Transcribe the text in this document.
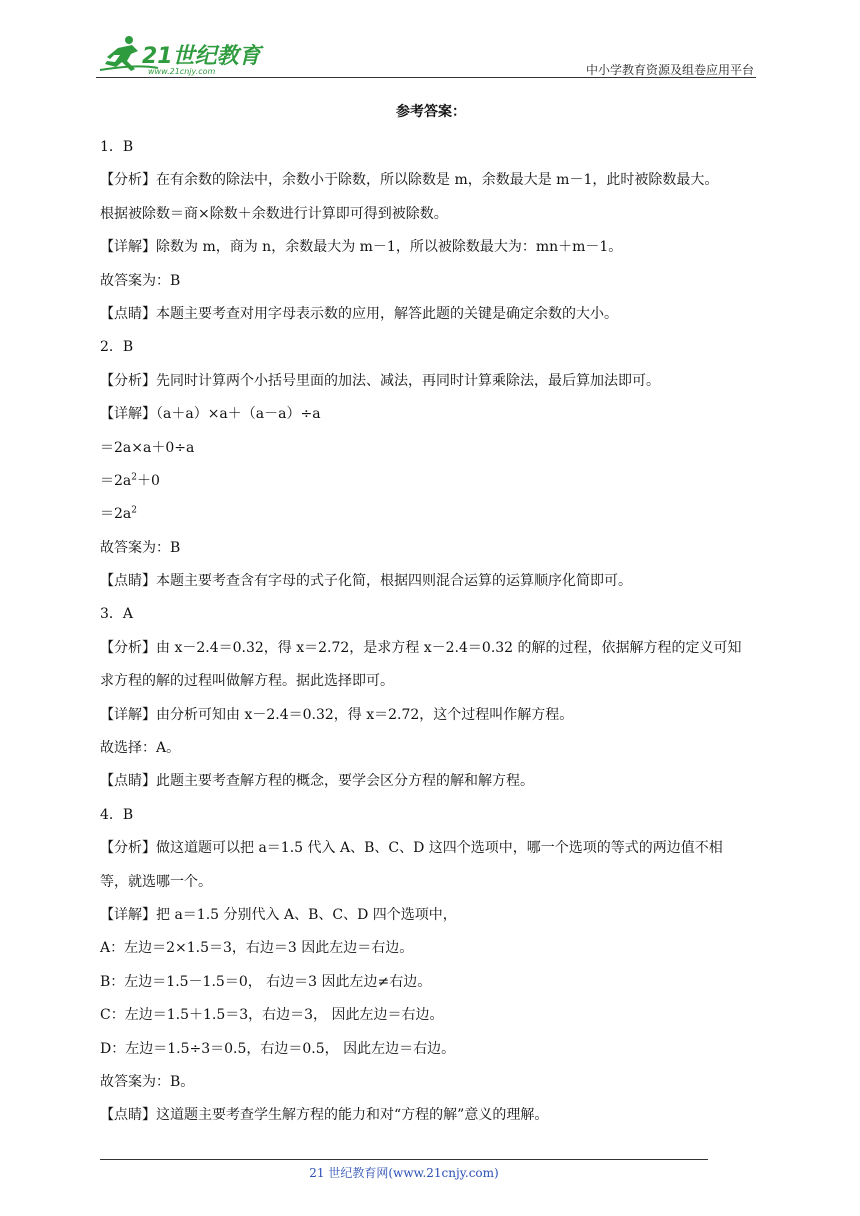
21世纪教育
www.21cnjy.com	中小学教育资源及组卷应用平台
参考答案：
1．B
【分析】在有余数的除法中，余数小于除数，所以除数是 m，余数最大是 m－1，此时被除数最大。
根据被除数＝商×除数＋余数进行计算即可得到被除数。
【详解】除数为 m，商为 n，余数最大为 m－1，所以被除数最大为：mn＋m－1。
故答案为：B
【点睛】本题主要考查对用字母表示数的应用，解答此题的关键是确定余数的大小。
2．B
【分析】先同时计算两个小括号里面的加法、减法，再同时计算乘除法，最后算加法即可。
【详解】（a＋a）×a＋（a－a）÷a
＝2a×a＋0÷a
$=2a^2+0$
$=2a^2$
故答案为：B
【点睛】本题主要考查含有字母的式子化简，根据四则混合运算的运算顺序化简即可。
3．A
【分析】由 x－2.4＝0.32，得 x＝2.72，是求方程 x－2.4＝0.32 的解的过程，依据解方程的定义可知
求方程的解的过程叫做解方程。据此选择即可。
【详解】由分析可知由 x－2.4＝0.32，得 x＝2.72，这个过程叫作解方程。
故选择：A。
【点睛】此题主要考查解方程的概念，要学会区分方程的解和解方程。
4．B
【分析】做这道题可以把 a＝1.5 代入 A、B、C、D 这四个选项中，哪一个选项的等式的两边值不相
等，就选哪一个。
【详解】把 a＝1.5 分别代入 A、B、C、D 四个选项中，
A：左边＝2×1.5＝3，右边＝3 因此左边＝右边。
B：左边＝1.5－1.5＝0， 右边＝3 因此左边≠右边。
C：左边＝1.5＋1.5＝3，右边＝3， 因此左边＝右边。
D：左边＝1.5÷3＝0.5，右边＝0.5， 因此左边＝右边。
故答案为：B。
【点睛】这道题主要考查学生解方程的能力和对“方程的解”意义的理解。
21 世纪教育网(www.21cnjy.com)
